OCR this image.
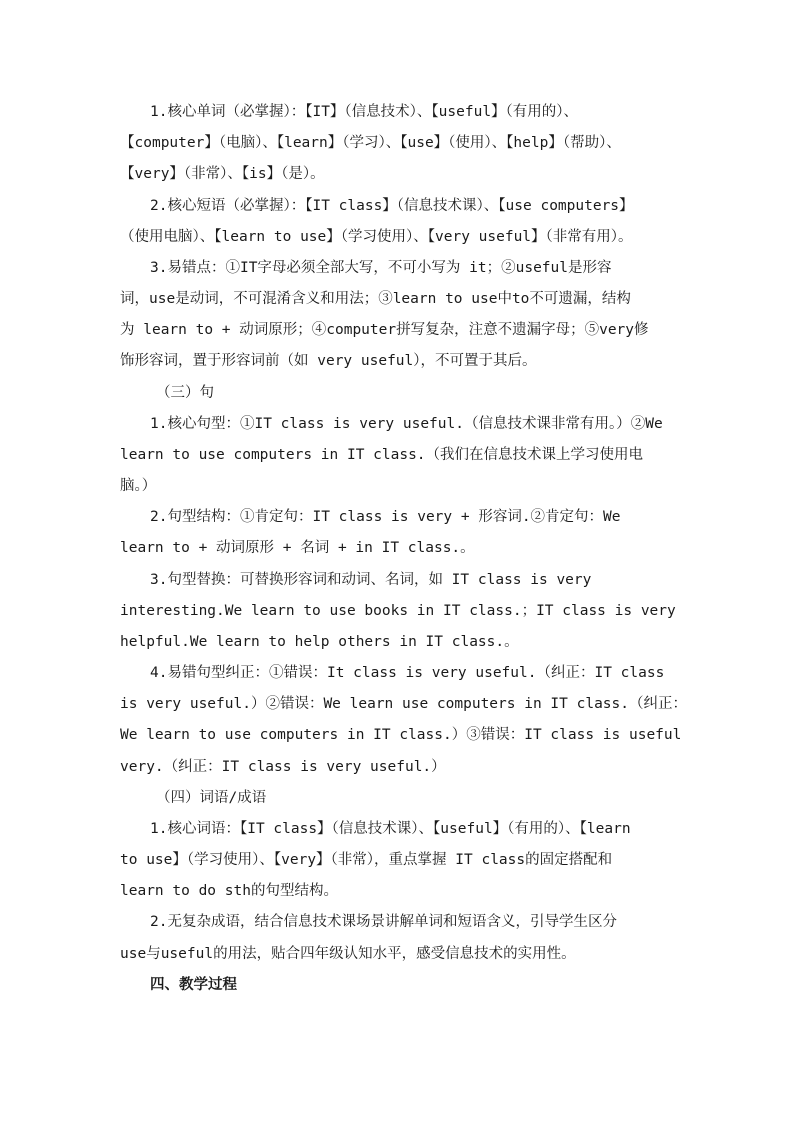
1.核心单词（必掌握）：【IT】（信息技术）、【useful】（有用的）、
【computer】（电脑）、【learn】（学习）、【use】（使用）、【help】（帮助）、
【very】（非常）、【is】（是）。
2.核心短语（必掌握）：【IT class】（信息技术课）、【use computers】
（使用电脑）、【learn to use】（学习使用）、【very useful】（非常有用）。
3.易错点：①IT字母必须全部大写，不可小写为 it；②useful是形容
词，use是动词，不可混淆含义和用法；③learn to use中to不可遗漏，结构
为 learn to + 动词原形；④computer拼写复杂，注意不遗漏字母；⑤very修
饰形容词，置于形容词前（如 very useful），不可置于其后。
（三）句
1.核心句型：①IT class is very useful.（信息技术课非常有用。）②We
learn to use computers in IT class.（我们在信息技术课上学习使用电
脑。）
2.句型结构：①肯定句：IT class is very + 形容词.②肯定句：We
learn to + 动词原形 + 名词 + in IT class.。
3.句型替换：可替换形容词和动词、名词，如 IT class is very
interesting.We learn to use books in IT class.；IT class is very
helpful.We learn to help others in IT class.。
4.易错句型纠正：①错误：It class is very useful.（纠正：IT class
is very useful.）②错误：We learn use computers in IT class.（纠正：
We learn to use computers in IT class.）③错误：IT class is useful
very.（纠正：IT class is very useful.）
（四）词语/成语
1.核心词语：【IT class】（信息技术课）、【useful】（有用的）、【learn
to use】（学习使用）、【very】（非常），重点掌握 IT class的固定搭配和
learn to do sth的句型结构。
2.无复杂成语，结合信息技术课场景讲解单词和短语含义，引导学生区分
use与useful的用法，贴合四年级认知水平，感受信息技术的实用性。
四、教学过程
